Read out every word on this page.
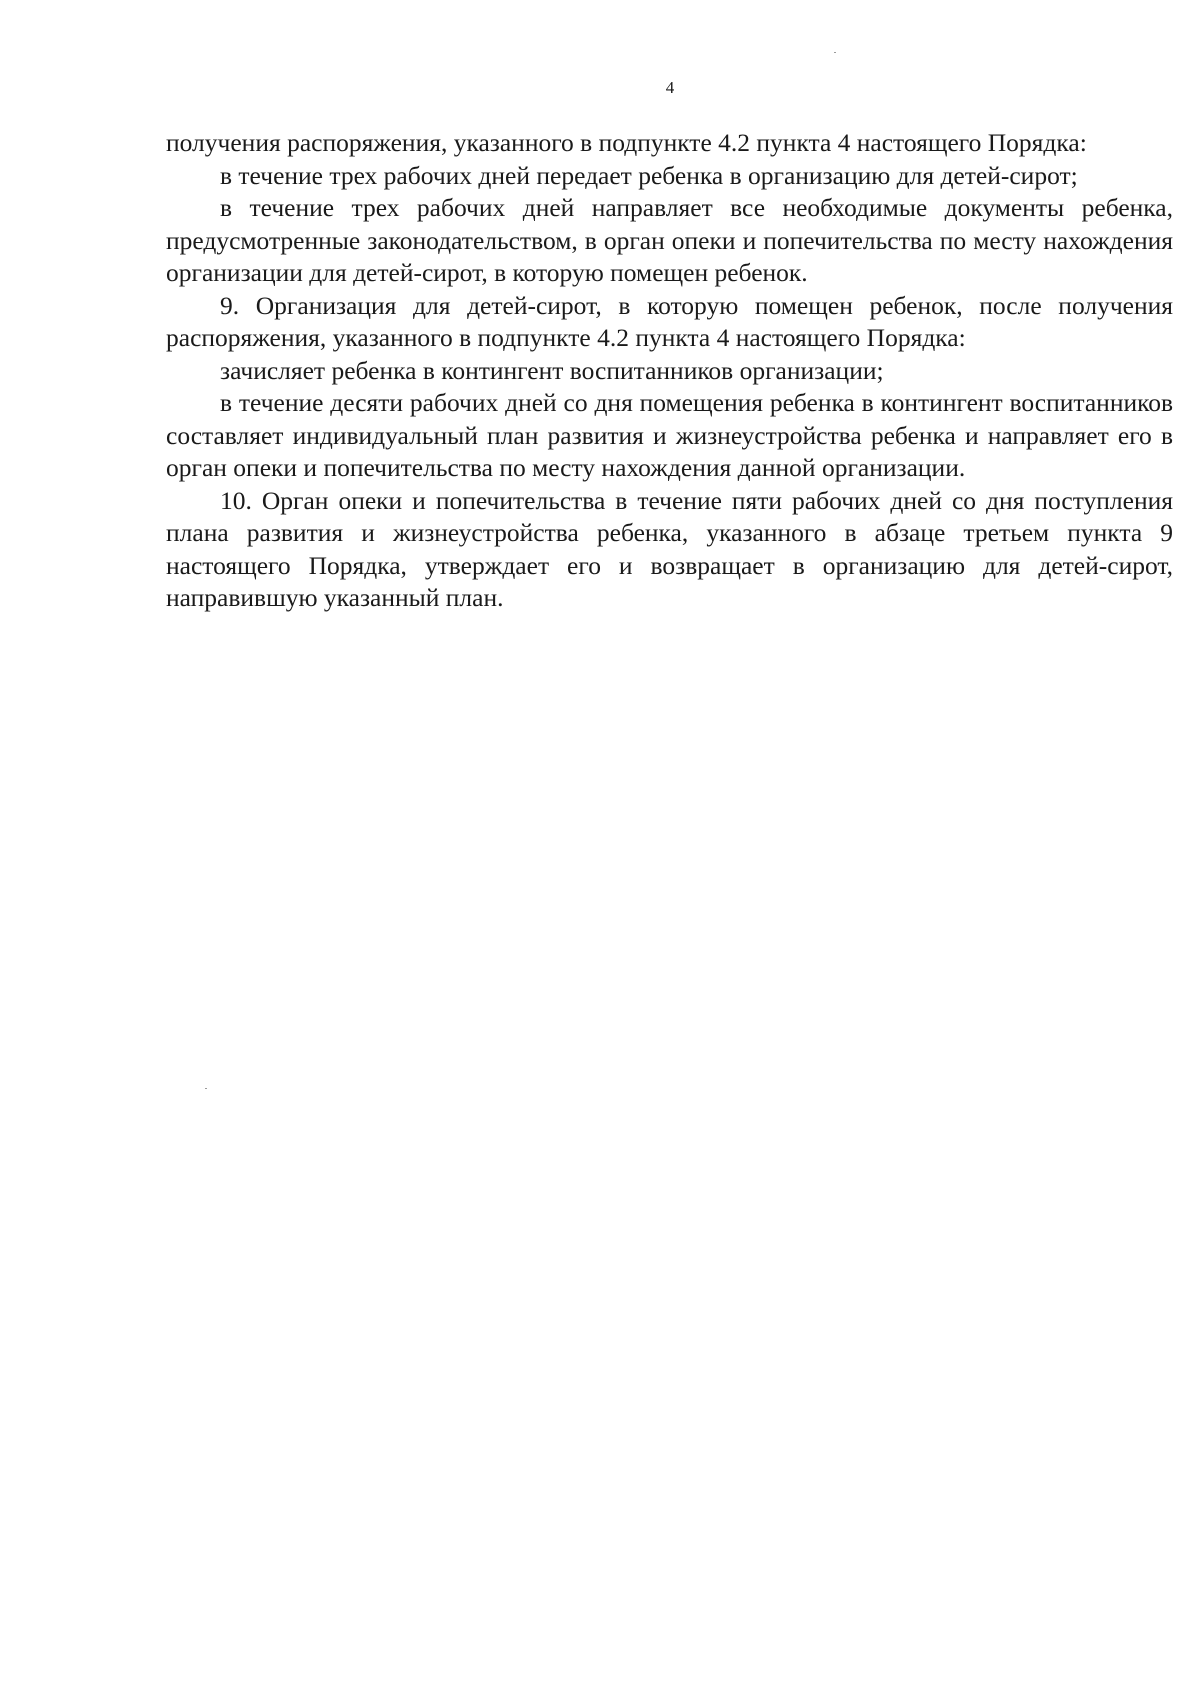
4

получения распоряжения, указанного в подпункте 4.2 пункта 4 настоящего Порядка:

в течение трех рабочих дней передает ребенка в организацию для детей-сирот;

в течение трех рабочих дней направляет все необходимые документы ребенка, предусмотренные законодательством, в орган опеки и попечительства по месту нахождения организации для детей-сирот, в которую помещен ребенок.

9. Организация для детей-сирот, в которую помещен ребенок, после получения распоряжения, указанного в подпункте 4.2 пункта 4 настоящего Порядка:

зачисляет ребенка в контингент воспитанников организации;

в течение десяти рабочих дней со дня помещения ребенка в контингент воспитанников составляет индивидуальный план развития и жизнеустройства ребенка и направляет его в орган опеки и попечительства по месту нахождения данной организации.

10. Орган опеки и попечительства в течение пяти рабочих дней со дня поступления плана развития и жизнеустройства ребенка, указанного в абзаце третьем пункта 9 настоящего Порядка, утверждает его и возвращает в организацию для детей-сирот, направившую указанный план.
